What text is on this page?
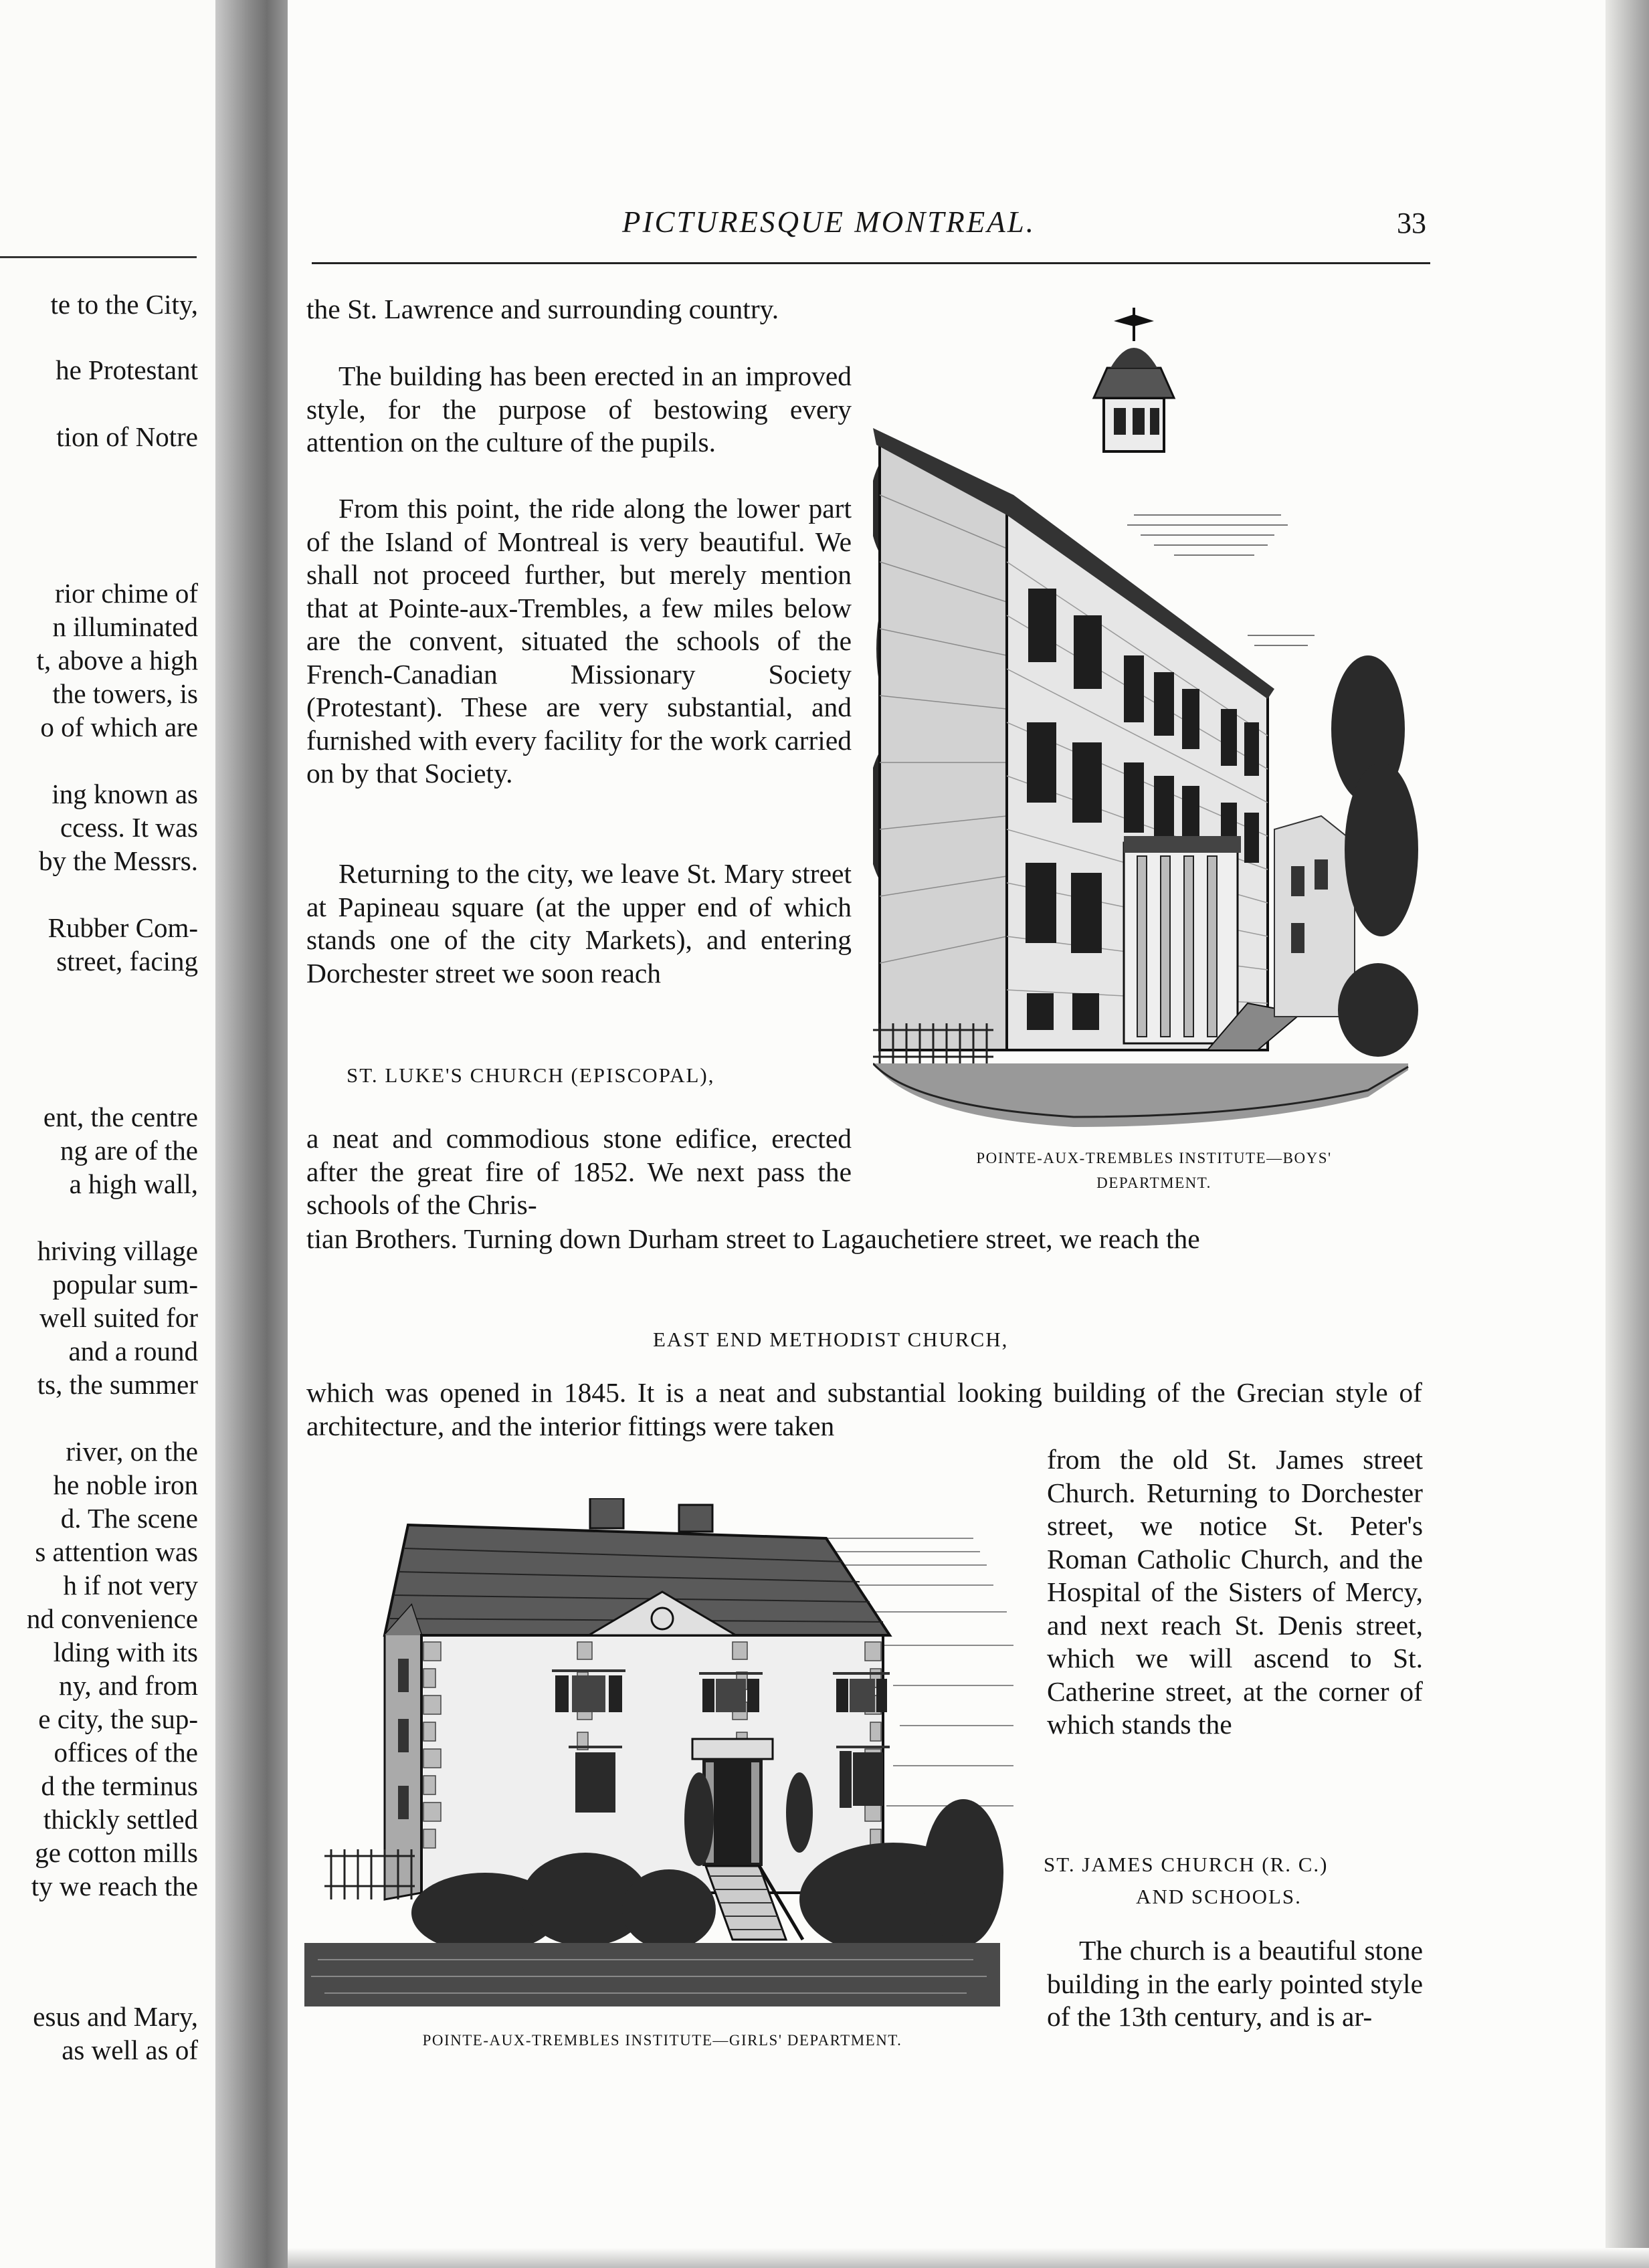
te to the City,
he Protestant
tion of Notre
rior chime of
n illuminated
t, above a high
the towers, is
o of which are
ing known as
ccess. It was
by the Messrs.
Rubber Com-
street, facing
ent, the centre
ng are of the
a high wall,
hriving village
popular sum-
well suited for
and a round
ts, the summer
river, on the
he noble iron
d. The scene
s attention was
h if not very
nd convenience
lding with its
ny, and from
e city, the sup-
offices of the
d the terminus
thickly settled
ge cotton mills
ty we reach the
esus and Mary,
as well as of
PICTURESQUE MONTREAL.	33
the St. Lawrence and surrounding country.
The building has been erected in an improved style, for the purpose of bestowing every attention on the culture of the pupils.
From this point, the ride along the lower part of the Island of Montreal is very beautiful. We shall not proceed further, but merely mention that at Pointe-aux-Trembles, a few miles below are the convent, situated the schools of the French-Canadian Missionary Society (Protestant). These are very substantial, and furnished with every facility for the work carried on by that Society.
Returning to the city, we leave St. Mary street at Papineau square (at the upper end of which stands one of the city Markets), and entering Dorchester street we soon reach
ST. LUKE'S CHURCH (EPISCOPAL),
a neat and commodious stone edifice, erected after the great fire of 1852. We next pass the schools of the Chris-
tian Brothers. Turning down Durham street to Lagauchetiere street, we reach the
EAST END METHODIST CHURCH,
which was opened in 1845. It is a neat and substantial looking building of the Grecian style of architecture, and the interior fittings were taken
from the old St. James street Church. Returning to Dorchester street, we notice St. Peter's Roman Catholic Church, and the Hospital of the Sisters of Mercy, and next reach St. Denis street, which we will ascend to St. Catherine street, at the corner of which stands the
ST. JAMES CHURCH (R. C.)
AND SCHOOLS.
The church is a beautiful stone building in the early pointed style of the 13th century, and is ar-
POINTE-AUX-TREMBLES INSTITUTE—BOYS'
DEPARTMENT.
POINTE-AUX-TREMBLES INSTITUTE—GIRLS' DEPARTMENT.
